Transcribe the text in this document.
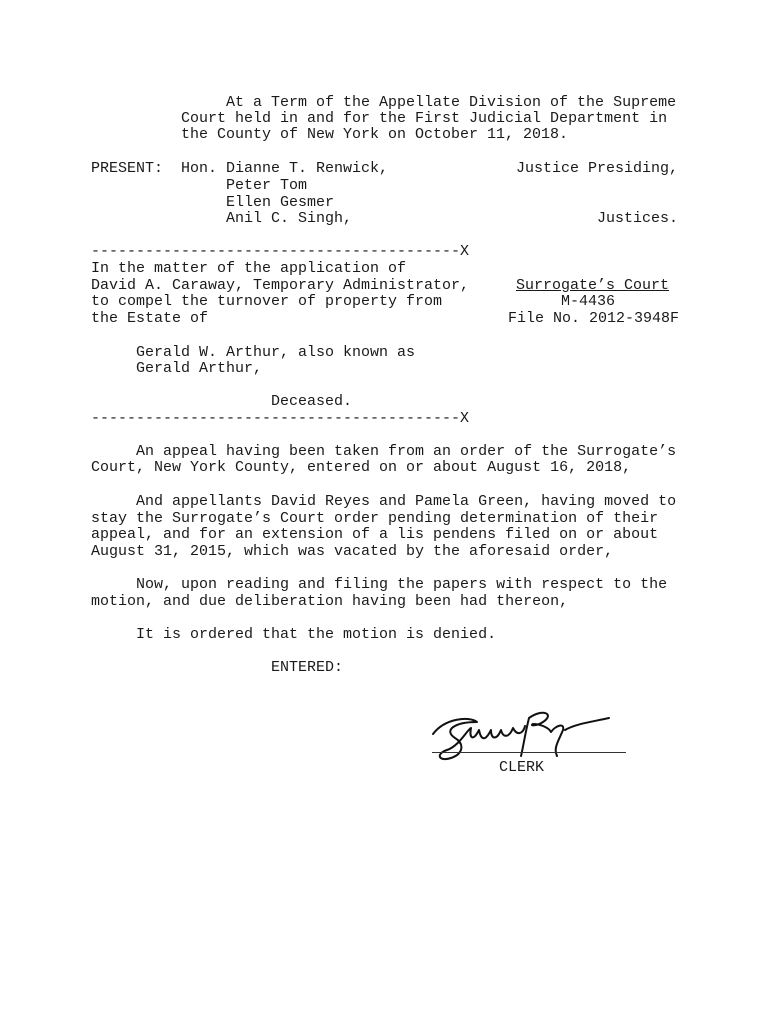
At a Term of the Appellate Division of the Supreme
Court held in and for the First Judicial Department in
the County of New York on October 11, 2018.
PRESENT: Hon. Dianne T. Renwick,	Justice Presiding,
Peter Tom
Ellen Gesmer
Anil C. Singh,	Justices.
-----------------------------------------X
In the matter of the application of
David A. Caraway, Temporary Administrator,
to compel the turnover of property from
the Estate of
Surrogate’s Court
M-4436
File No. 2012-3948F
Gerald W. Arthur, also known as
Gerald Arthur,
Deceased.
-----------------------------------------X
An appeal having been taken from an order of the Surrogate’s
Court, New York County, entered on or about August 16, 2018,
And appellants David Reyes and Pamela Green, having moved to
stay the Surrogate’s Court order pending determination of their
appeal, and for an extension of a lis pendens filed on or about
August 31, 2015, which was vacated by the aforesaid order,
Now, upon reading and filing the papers with respect to the
motion, and due deliberation having been had thereon,
It is ordered that the motion is denied.
ENTERED:
CLERK
